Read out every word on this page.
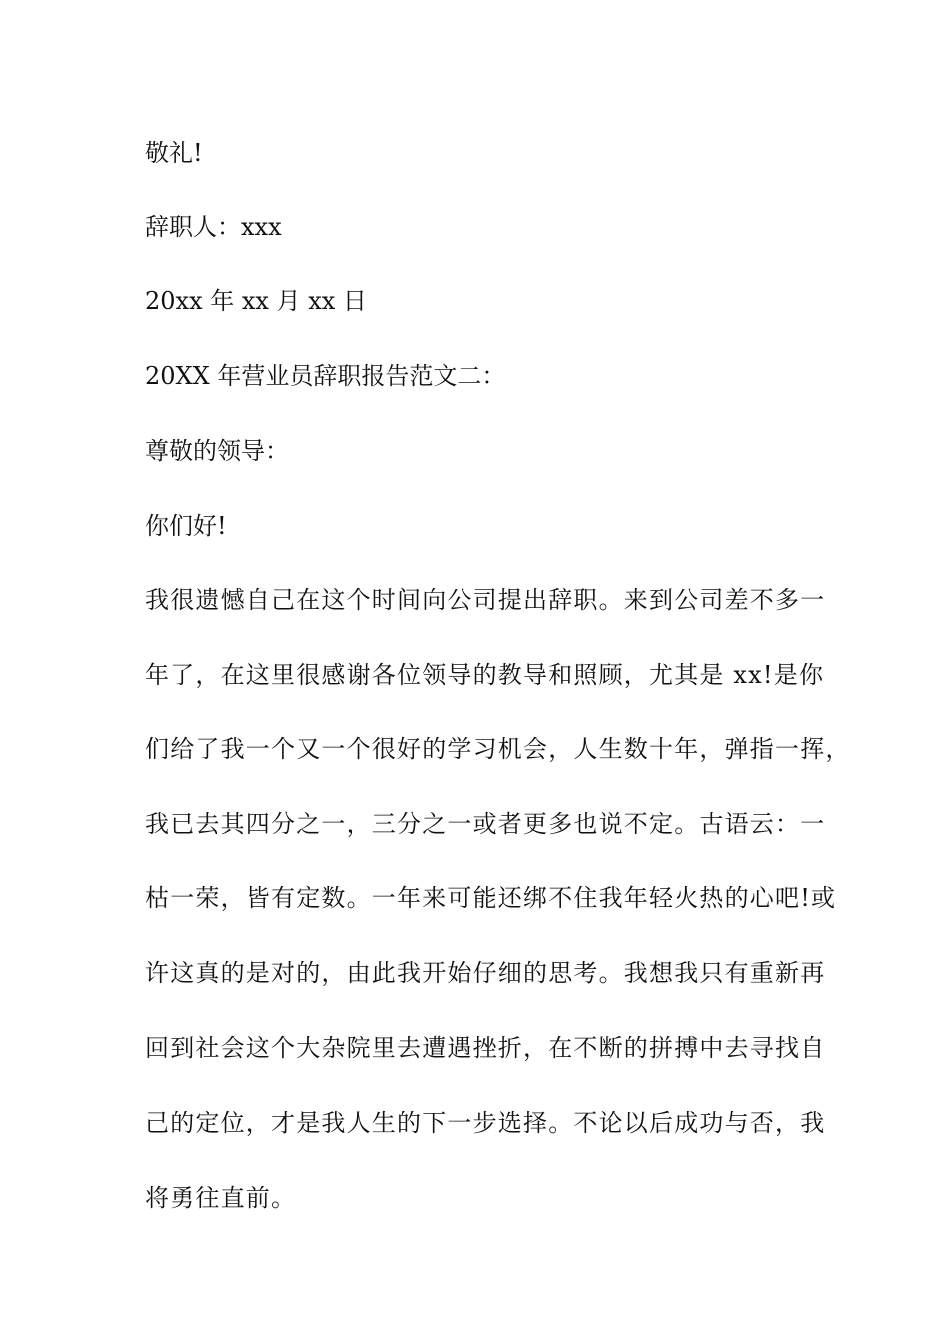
敬礼!

辞职人：xxx

20xx 年 xx 月 xx 日

20XX 年营业员辞职报告范文二：

尊敬的领导：

你们好!

我很遗憾自己在这个时间向公司提出辞职。来到公司差不多一

年了，在这里很感谢各位领导的教导和照顾，尤其是 xx!是你

们给了我一个又一个很好的学习机会，人生数十年，弹指一挥，

我已去其四分之一，三分之一或者更多也说不定。古语云：一

枯一荣，皆有定数。一年来可能还绑不住我年轻火热的心吧!或

许这真的是对的，由此我开始仔细的思考。我想我只有重新再

回到社会这个大杂院里去遭遇挫折，在不断的拼搏中去寻找自

己的定位，才是我人生的下一步选择。不论以后成功与否，我

将勇往直前。
